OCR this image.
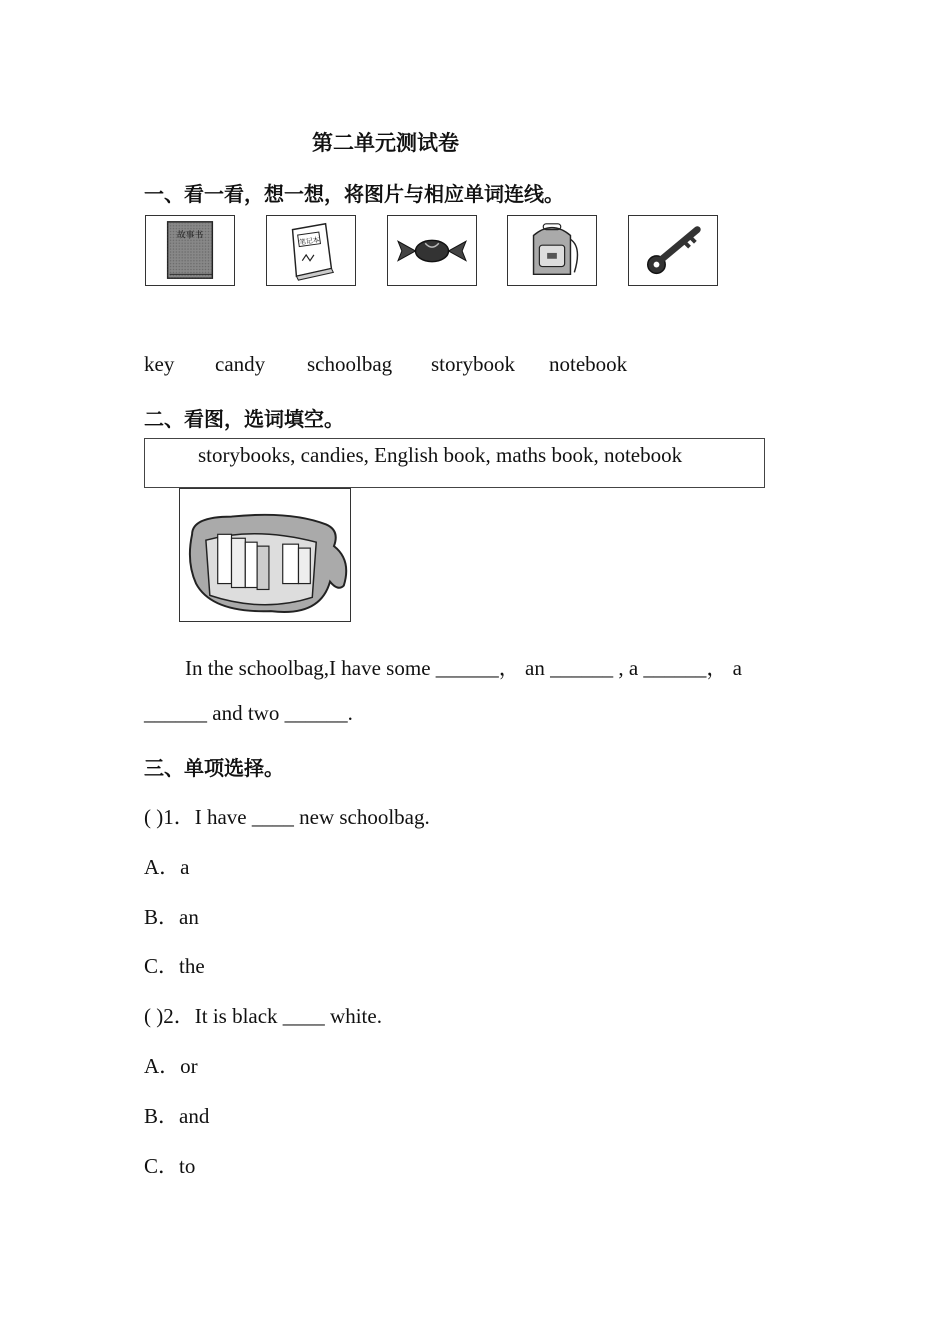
第二单元测试卷
一、看一看，想一想，将图片与相应单词连线。
故事书
笔记本
key candy schoolbag storybook notebook
二、看图，选词填空。
storybooks, candies, English book, maths book, notebook
In the schoolbag,I have some ______， an ______ , a ______， a
______ and two ______.
三、单项选择。
( )1．I have ____ new schoolbag.
A．a
B．an
C．the
( )2．It is black ____ white.
A．or
B．and
C．to
